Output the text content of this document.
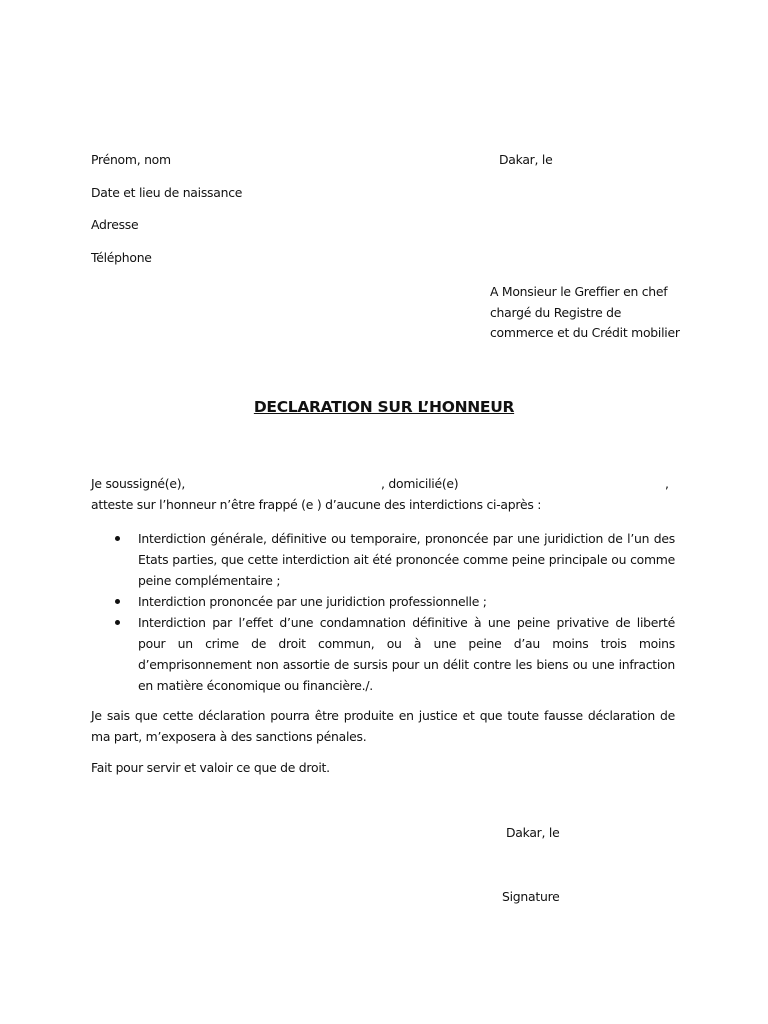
Prénom, nom
Date et lieu de naissance
Adresse
Téléphone
Dakar, le
A Monsieur le Greffier en chef chargé du Registre de commerce et du Crédit mobilier
DECLARATION SUR L’HONNEUR
Je soussigné(e),	, domicilié(e)	,
atteste sur l’honneur n’être frappé (e ) d’aucune des interdictions ci-après :
Interdiction générale, définitive ou temporaire, prononcée par une juridiction de l’un des Etats parties, que cette interdiction ait été prononcée comme peine principale ou comme peine complémentaire ;
Interdiction prononcée par une juridiction professionnelle ;
Interdiction par l’effet d’une condamnation définitive à une peine privative de liberté pour un crime de droit commun, ou à une peine d’au moins trois moins d’emprisonnement non assortie de sursis pour un délit contre les biens ou une infraction en matière économique ou financière./.
Je sais que cette déclaration pourra être produite en justice et que toute fausse déclaration de ma part, m’exposera à des sanctions pénales.
Fait pour servir et valoir ce que de droit.
Dakar, le
Signature
